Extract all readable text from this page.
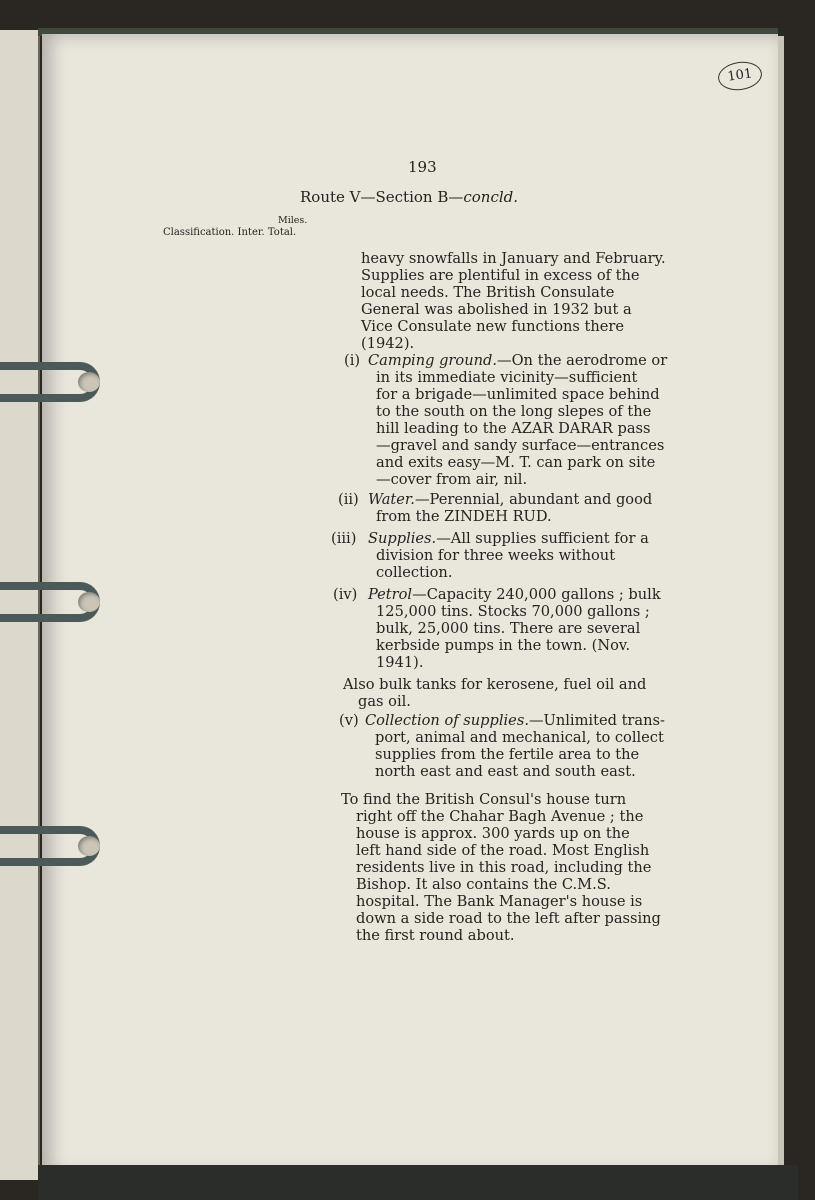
101
193
Route V—Section B—concld.
Miles.
Classification. Inter. Total.
heavy snowfalls in January and February.
Supplies are plentiful in excess of the
local needs. The British Consulate
General was abolished in 1932 but a
Vice Consulate new functions there
(1942).
(i) Camping ground.—On the aerodrome or
in its immediate vicinity—sufficient
for a brigade—unlimited space behind
to the south on the long slepes of the
hill leading to the AZAR DARAR pass
—gravel and sandy surface—entrances
and exits easy—M. T. can park on site
—cover from air, nil.
(ii) Water.—Perennial, abundant and good
from the ZINDEH RUD.
(iii) Supplies.—All supplies sufficient for a
division for three weeks without
collection.
(iv) Petrol—Capacity 240,000 gallons ; bulk
125,000 tins. Stocks 70,000 gallons ;
bulk, 25,000 tins. There are several
kerbside pumps in the town. (Nov.
1941).
Also bulk tanks for kerosene, fuel oil and
gas oil.
(v) Collection of supplies.—Unlimited trans-
port, animal and mechanical, to collect
supplies from the fertile area to the
north east and east and south east.
To find the British Consul's house turn
right off the Chahar Bagh Avenue ; the
house is approx. 300 yards up on the
left hand side of the road. Most English
residents live in this road, including the
Bishop. It also contains the C.M.S.
hospital. The Bank Manager's house is
down a side road to the left after passing
the first round about.
